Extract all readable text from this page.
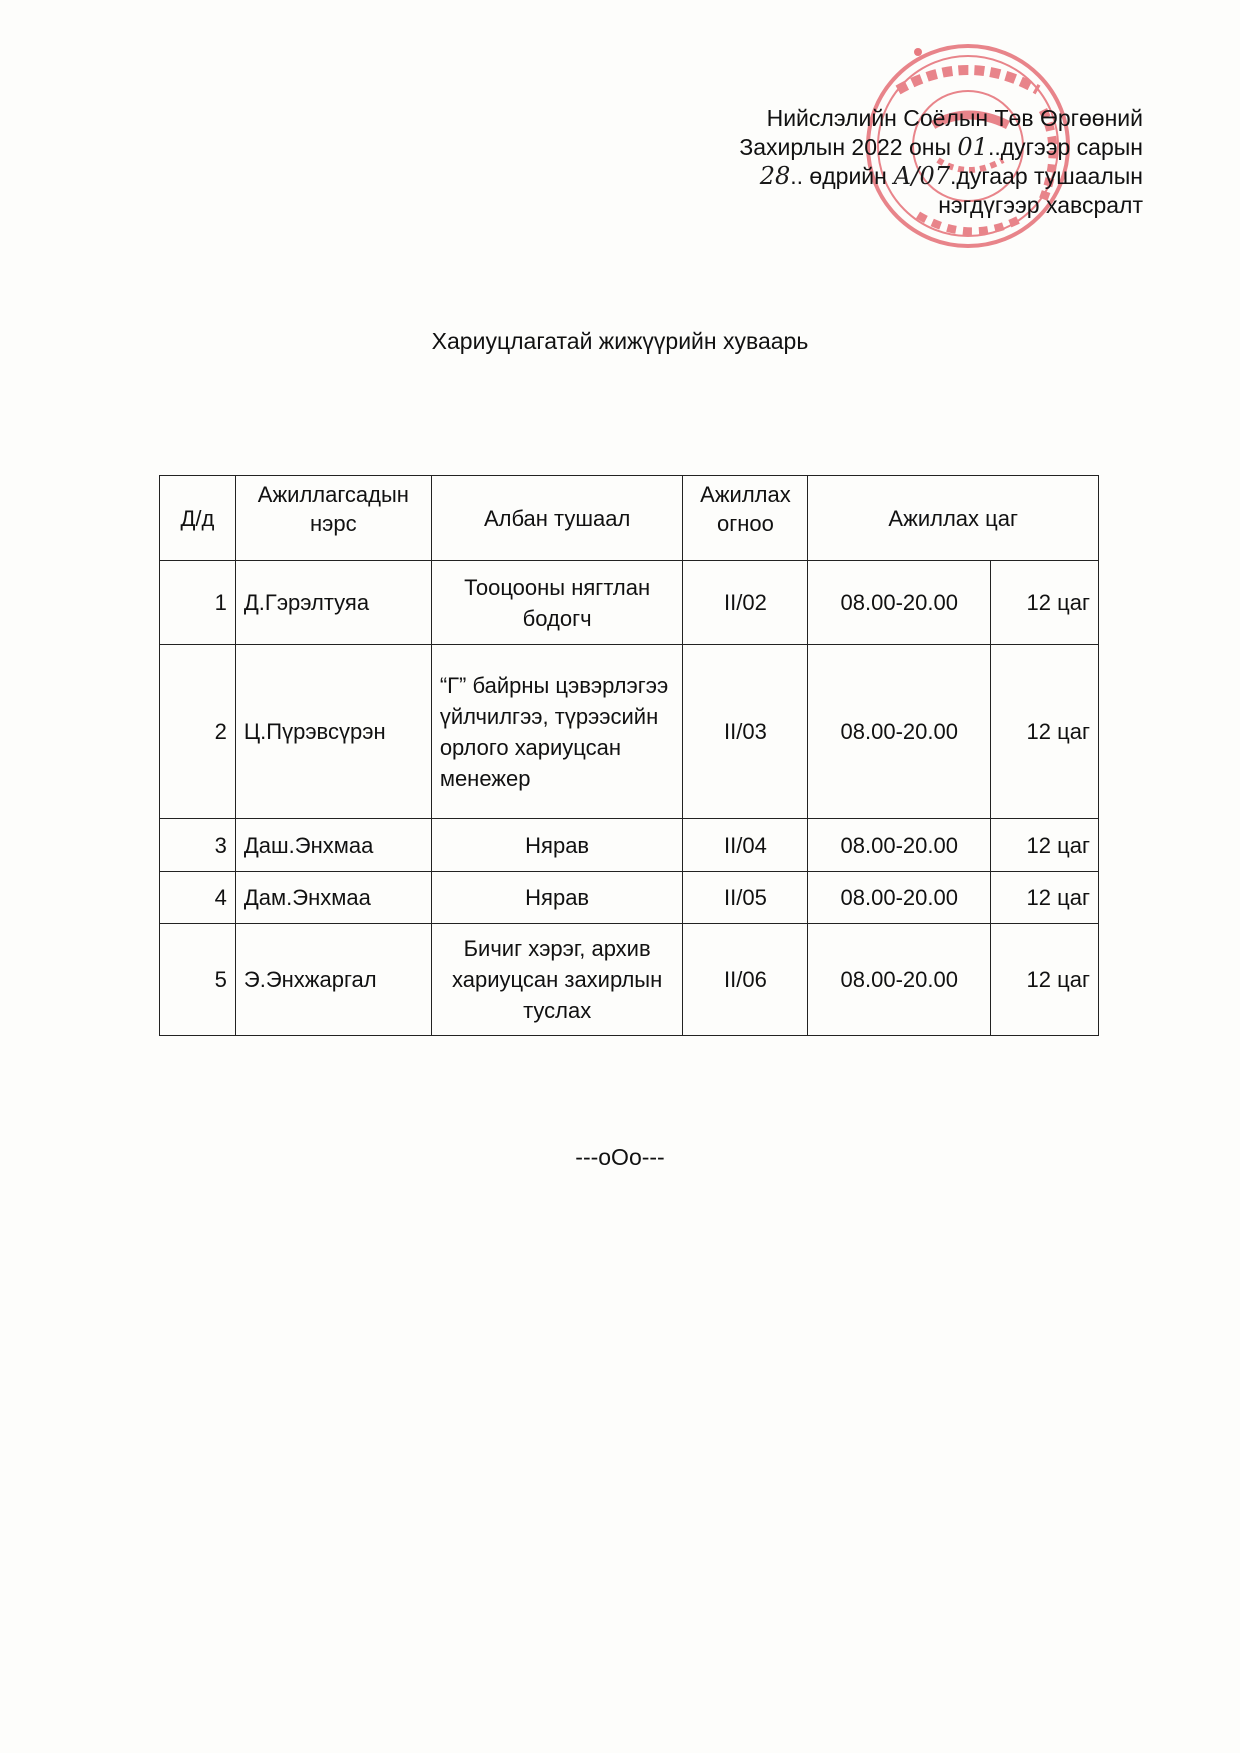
Нийслэлийн Соёлын Төв Өргөөний
Захирлын 2022 оны 01..дугээр сарын
28.. өдрийн А/07.дугаар тушаалын
нэгдүгээр хавсралт
Хариуцлагатай жижүүрийн хуваарь
Д/д	Ажиллагсадын нэрс	Албан тушаал	Ажиллах огноо	Ажиллах цаг	
1	Д.Гэрэлтуяа	Тооцооны нягтлан бодогч	II/02	08.00-20.00	12 цаг
2	Ц.Пүрэвсүрэн	“Г” байрны цэвэрлэгээ үйлчилгээ, түрээсийн орлого хариуцсан менежер	II/03	08.00-20.00	12 цаг
3	Даш.Энхмаа	Нярав	II/04	08.00-20.00	12 цаг
4	Дам.Энхмаа	Нярав	II/05	08.00-20.00	12 цаг
5	Э.Энхжаргал	Бичиг хэрэг, архив хариуцсан захирлын туслах	II/06	08.00-20.00	12 цаг
---oOo---
